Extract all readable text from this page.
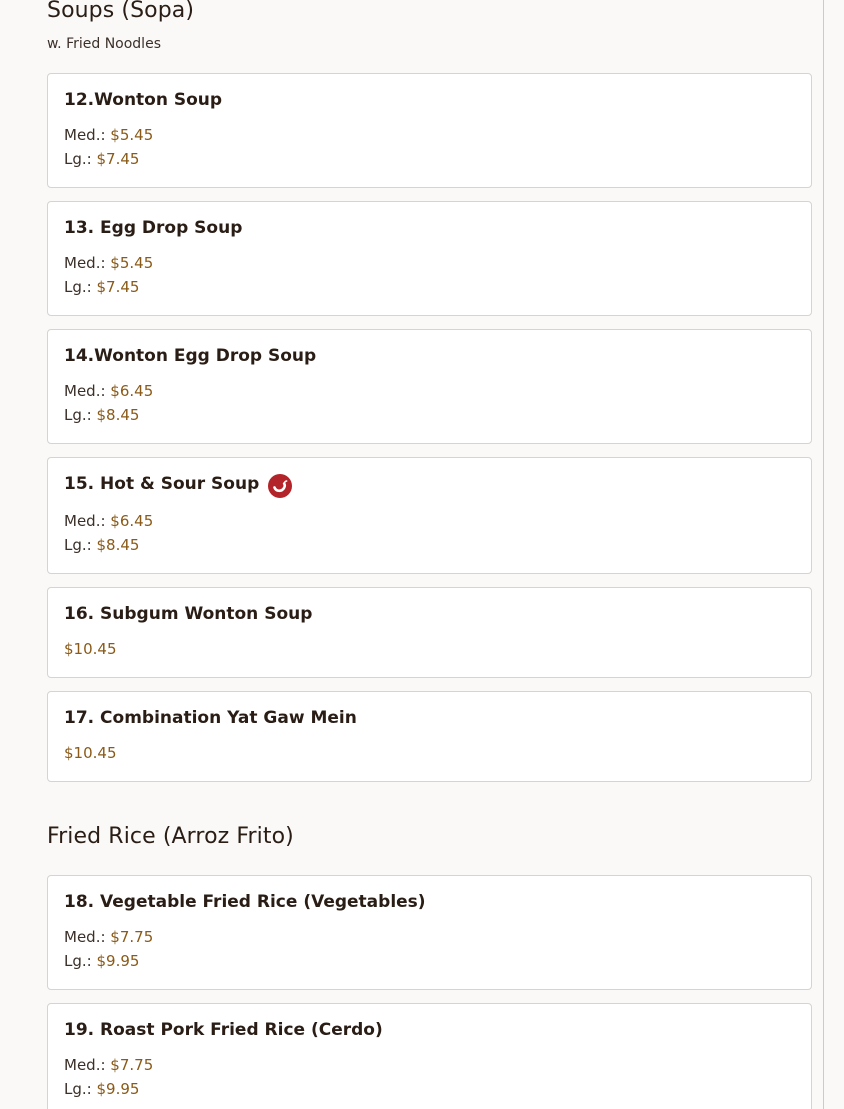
Soups (Sopa)
w. Fried Noodles
12.Wonton Soup
Med.: $5.45
Lg.: $7.45
13. Egg Drop Soup
Med.: $5.45
Lg.: $7.45
14.Wonton Egg Drop Soup
Med.: $6.45
Lg.: $8.45
15. Hot & Sour Soup
Med.: $6.45
Lg.: $8.45
16. Subgum Wonton Soup
$10.45
17. Combination Yat Gaw Mein
$10.45
Fried Rice (Arroz Frito)
18. Vegetable Fried Rice (Vegetables)
Med.: $7.75
Lg.: $9.95
19. Roast Pork Fried Rice (Cerdo)
Med.: $7.75
Lg.: $9.95
